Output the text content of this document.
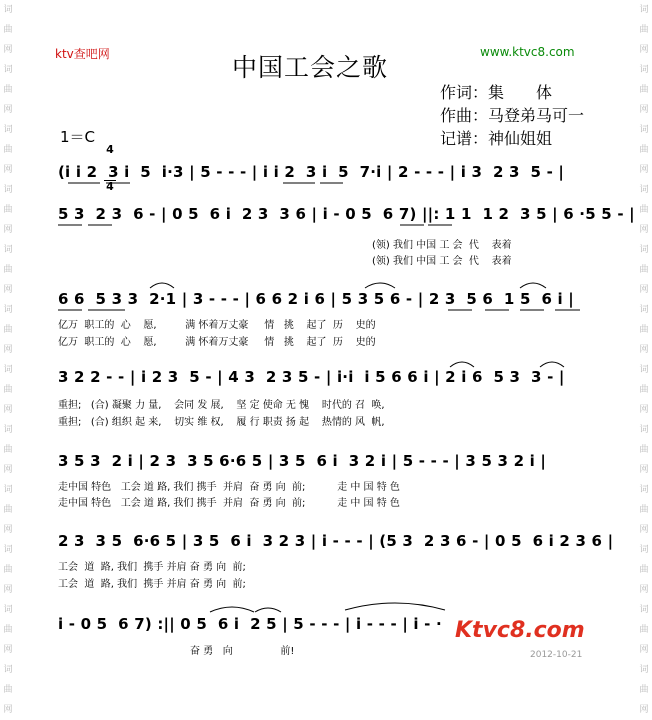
词
曲
网
词
曲
网
词
曲
网
词
曲
网
词
曲
网
词
曲
网
词
曲
网
词
曲
网
词
曲
网
词
曲
网
词
曲
网
词
曲
网
词
曲
网
词
曲
网
词
曲
网
词
曲
网
词
曲
网
词
曲
网
词
曲
网
词
曲
网
词
曲
网
词
曲
网
词
曲
网
词
曲
网
ktv查吧网	www.ktvc8.com
中国工会之歌
作词：集　　体
作曲：马登弟马可一
记谱：神仙姐姐
1＝C

4

4

(i i 2  3 i  5  i·3 | 5 - - - | i i 2  3 i  5  7·i | 2 - - - | i 3  2 3  5 - |
5 3  2 3  6 - | 0 5  6 i  2 3  3 6 | i - 0 5  6 7) ||: 1 1  1 2  3 5 | 6 ·5 5 - |
(领) 我们 中国 工 会  代    表着
(领) 我们 中国 工 会  代    表着
6 6  5 3 3  2·1 | 3 - - - | 6 6 2 i 6 | 5 3 5 6 - | 2 3  5 6  1 5  6 i |
亿万  职工的  心    愿,         满 怀着万丈豪     情   挑    起了  历    史的
亿万  职工的  心    愿,         满 怀着万丈豪     情   挑    起了  历    史的
3 2 2 - - | i 2 3  5 - | 4 3  2 3 5 - | i·i  i 5 6 6 i | 2 i 6  5 3  3 - |
重担;   (合) 凝聚 力 量,    会同 发 展,    坚 定 使命 无 愧    时代的 召  唤,
重担;   (合) 组织 起 来,    切实 维 权,    履 行 职责 扬 起    热情的 风  帆,
3 5 3  2 i | 2 3  3 5 6·6 5 | 3 5  6 i  3 2 i | 5 - - - | 3 5 3 2 i |
走中国 特色   工会 道 路, 我们 携手  并肩  奋 勇 向  前;          走 中 国 特 色
走中国 特色   工会 道 路, 我们 携手  并肩  奋 勇 向  前;          走 中 国 特 色
2 3  3 5  6·6 5 | 3 5  6 i  3 2 3 | i - - - | (5 3  2 3 6 - | 0 5  6 i 2 3 6 |
工会  道  路, 我们  携手 并肩 奋 勇 向  前;
工会  道  路, 我们  携手 并肩 奋 勇 向  前;
i - 0 5  6 7) :|| 0 5  6 i  2 5 | 5 - - - | i - - - | i - ·
奋 勇   向               前!
Ktvc8.com
2012-10-21
